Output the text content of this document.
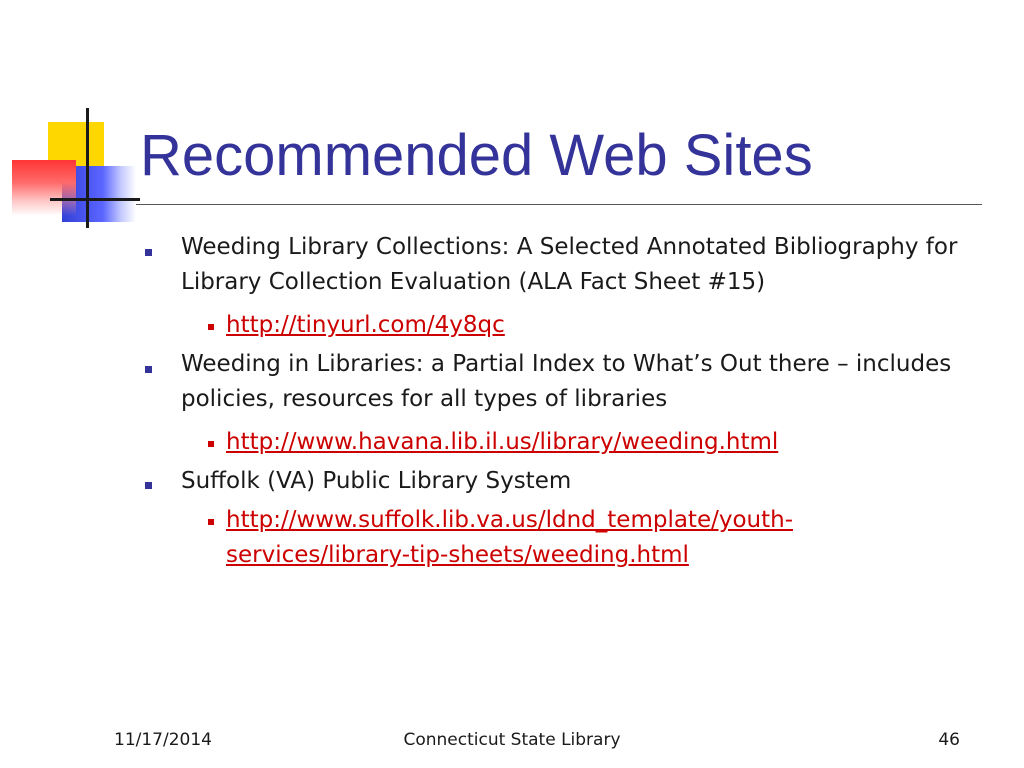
Recommended Web Sites
Weeding Library Collections: A Selected Annotated Bibliography for Library Collection Evaluation (ALA Fact Sheet #15)
http://tinyurl.com/4y8qc
Weeding in Libraries: a Partial Index to What’s Out there – includes policies, resources for all types of libraries
http://www.havana.lib.il.us/library/weeding.html
Suffolk (VA) Public Library System
http://www.suffolk.lib.va.us/ldnd_template/youth-services/library-tip-sheets/weeding.html
11/17/2014	Connecticut State Library	46
